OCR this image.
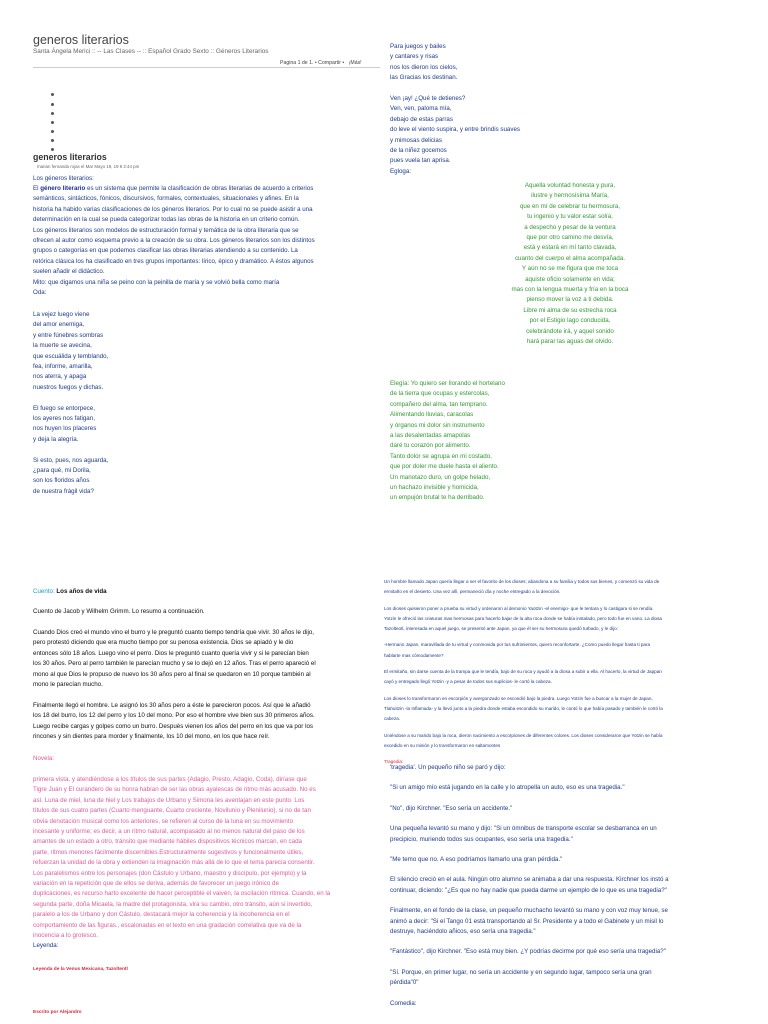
generos literarios
Santa Ángela Merici :: -- Las Clases -- :: Español Grado Sexto :: Géneros Literarios
Pagina 1 de 1. • Compartir • ¡Más!
generos literarios
marian fernanda rojas el Mar Mayo 19, 19 9 2:44 pm
Los géneros literarios:
El género literario es un sistema que permite la clasificación de obras literarias de acuerdo a criterios
semánticos, sintácticos, fónicos, discursivos, formales, contextuales, situacionales y afines. En la
historia ha habido varias clasificaciones de los géneros literarios. Por lo cual no se puede asistir a una
determinación en la cual se pueda categorizar todas las obras de la historia en un criterio común.
Los géneros literarios son modelos de estructuración formal y temática de la obra literaria que se
ofrecen al autor como esquema previo a la creación de su obra. Los géneros literarios son los distintos
grupos o categorías en que podemos clasificar las obras literarias atendiendo a su contenido. La
retórica clásica los ha clasificado en tres grupos importantes: lírico, épico y dramático. A éstos algunos
suelen añadir el didáctico.
Mito: que digamos una niña se peino con la peinilla de maría y se volvió bella como maría
Oda:
La vejez luego viene
del amor enemiga,
y entre fúnebres sombras
la muerte se avecina,
que escuálida y temblando,
fea, informe, amarilla,
nos aterra, y apaga
nuestros fuegos y dichas.
El fuego se entorpece,
los ayeres nos fatigan,
nos huyen los placeres
y deja la alegría.
Si esto, pues, nos aguarda,
¿para qué, mi Dorila,
son los floridos años
de nuestra frágil vida?
Para juegos y bailes
y cantares y risas
nos los dieron los cielos,
las Gracias los destinan.
Ven ¡ay! ¿Qué te detienes?
Ven, ven, paloma mía,
debajo de estas parras
do leve el viento suspira, y entre brindis suaves
y mimosas delicias
de la niñez gocemos
pues vuela tan aprisa.
Egloga:
Aquella voluntad honesta y pura,
ilustre y hermosísima María,
que en mí de celebrar tu hermosura,
tu ingenio y tu valor estar solía,
a despecho y pesar de la ventura
que por otro camino me desvía,
está y estará en mí tanto clavada,
cuanto del cuerpo el alma acompañada.
Y aún no se me figura que me toca
aquiste oficio solamente en vida;
mas con la lengua muerta y fría en la boca
pienso mover la voz a ti debida.
Libre mi alma de su estrecha roca
por el Estigio lago conducida,
celebrándote irá, y aquel sonido
hará parar las aguas del olvido.
Elegía: Yo quiero ser llorando el hortelano
de la tierra que ocupas y estercolas,
compañero del alma, tan temprano.
Alimentando lluvias, caracolas
y órganos mi dolor sin instrumento
a las desalentadas amapolas
daré tu corazón por alimento.
Tanto dolor se agrupa en mi costado,
que por doler me duele hasta el aliento.
Un manotazo duro, un golpe helado,
un hachazo invisible y homicida,
un empujón brutal te ha derribado.
Cuento: Los años de vida
Cuento de Jacob y Wilhelm Grimm. Lo resumo a continuación.
Cuando Dios creó el mundo vino el burro y le preguntó cuanto tiempo tendría que vivir. 30 años le dijo,
pero protestó diciendo que era mucho tiempo por su penosa existencia. Dios se apiadó y le dio
entonces sólo 18 años. Luego vino el perro. Dios le preguntó cuanto quería vivir y si le parecían bien
los 30 años. Pero al perro también le parecían mucho y se lo dejó en 12 años. Tras el perro apareció el
mono al que Dios le propuso de nuevo los 30 años pero al final se quedaron en 10 porque también al
mono le parecían mucho.
Finalmente llegó el hombre. Le asignó los 30 años pero a éste le parecieron pocos. Así que le añadió
los 18 del burro, los 12 del perro y los 10 del mono. Por eso el hombre vive bien sus 30 primeros años.
Luego recibe cargas y golpes como un burro. Después vienen los años del perro en los que va por los
rincones y sin dientes para morder y finalmente, los 10 del mono, en los que hace reír.
Novela:
primera vista, y atendiéndose a los títulos de sus partes (Adagio, Presto, Adagio, Coda), diríase que
Tigre Juan y El curandero de su honra habían de ser las obras ayalescas de ritmo más acusado. No es
así. Luna de miel, luna de hiel y Los trabajos de Urbano y Simona les aventajan en este punto. Los
títulos de sus cuatro partes (Cuarto menguante, Cuarto creciente, Novilunio y Plenilunio), si no de tan
obvia denotación musical como los anteriores, se refieren al curso de la luna en su movimiento
incesante y uniforme; es decir, a un ritmo natural, acompasado al no menos natural del paso de los
amantes de un estado a otro, tránsito que mediante hábiles dispositivos técnicos marcan, en cada
parte, ritmos menores fácilmente discernibles.Estructuralmente sugestivos y funcionalmente útiles,
refuerzan la unidad de la obra y extienden la imaginación más allá de lo que el tema parecía consentir.
Los paralelismos entre los personajes (don Cástulo y Urbano, maestro y discípulo, por ejemplo) y la
variación en la repetición que de ellos se deriva, además de favorecer un juego irónico de
duplicaciones, es recurso harto excelente de hacer perceptible el vaivén, la oscilación rítmica. Cuando, en la
segunda parte, doña Micaela, la madre del protagonista, vira su cambio, otro tránsito, aún si invertido,
paralelo a los de Urbano y don Cástulo, destacará mejor la coherencia y la incoherencia en el
comportamiento de las figuras., escalonadas en el texto en una gradación correlativa que va de la
inocencia a lo grotesco.
Leyenda:
Leyenda de la Venus Mexicana, Tazoltentl
Escrito por Alejandro
Un hombre llamado Japan quería llegar a ser el favorito de los dioses; abandona a su familia y todos sus bienes, y comenzó su vida de
ermitaño en el desierto. Una vez allí, permaneció día y noche entregado a la devoción.
Los dioses quisieron poner a prueba su virtud y ordenaron al demonio Yaotzin -el enemigo- que le tentara y lo castigara si se rendía.
Yotzin le ofreció las criaturas mas hermosas para hacerlo bajar de la alta roca donde se había instalado, pero todo fue en vano. La diosa
Tazolteotl, interesada en aquel juego, se presentó ante Japan, ya que él ser su hermosura quedó turbado, y le dijo:
-Hermano Japan, maravillada de tu virtud y conmovida por tus sufrimientos, quiero reconfortarte. ¿Como puedo llegar hasta ti para
hablarte mas cómodamente?
El ermitaño, sin darse cuenta de la trampa que le tendía, bajo de su roca y ayudó a la diosa a subir a ella. Al hacerlo, la virtud de Jappan
cayó y entregado llegó Yotzin -y a pesar de todos sus suplicios- le cortó la cabeza.
Los dioses lo transformaron en escorpión y avergonzado se escondió bajo la piedra. Luego Yotzin fue a buscar a la mujer de Japan,
Tlahuitzin -la Inflamada- y la llevó junto a la piedra donde estaba escondido su marido, le contó lo que había pasado y también le cortó la
cabeza.
Uniéndose a su marido bajo la roca, dieron nacimiento a escorpiones de diferentes colores. Los dioses consideraron que Yotzin se había
excedido en su misión y lo transformaron en saltamontes
Tragedia:
'tragedia'. Un pequeño niño se paró y dijo:
"Si un amigo mío está jugando en la calle y lo atropella un auto, eso es una tragedia."
"No", dijo Kirchner. "Eso sería un accidente."
Una pequeña levantó su mano y dijo: "Si un ómnibus de transporte escolar se desbarranca en un
precipicio, muriendo todos sus ocupantes, eso sería una tragedia."
"Me temo que no. A eso podríamos llamarlo una gran pérdida."
El silencio creció en el aula. Ningún otro alumno se animaba a dar una respuesta. Kirchner los instó a
continuar, diciendo: "¿Es que no hay nadie que pueda darme un ejemplo de lo que es una tragedia?"
Finalmente, en el fondo de la clase, un pequeño muchacho levantó su mano y con voz muy tenue, se
animó a decir: "Si el Tango 01 está transportando al Sr. Presidente y a todo el Gabinete y un misil lo
destruye, haciéndolo añicos, eso sería una tragedia."
"Fantástico", dijo Kirchner. "Eso está muy bien. ¿Y podrías decirme por qué eso sería una tragedia?"
"Sí. Porque, en primer lugar, no sería un accidente y en segundo lugar, tampoco sería una gran
pérdida"0"
Comedia:
